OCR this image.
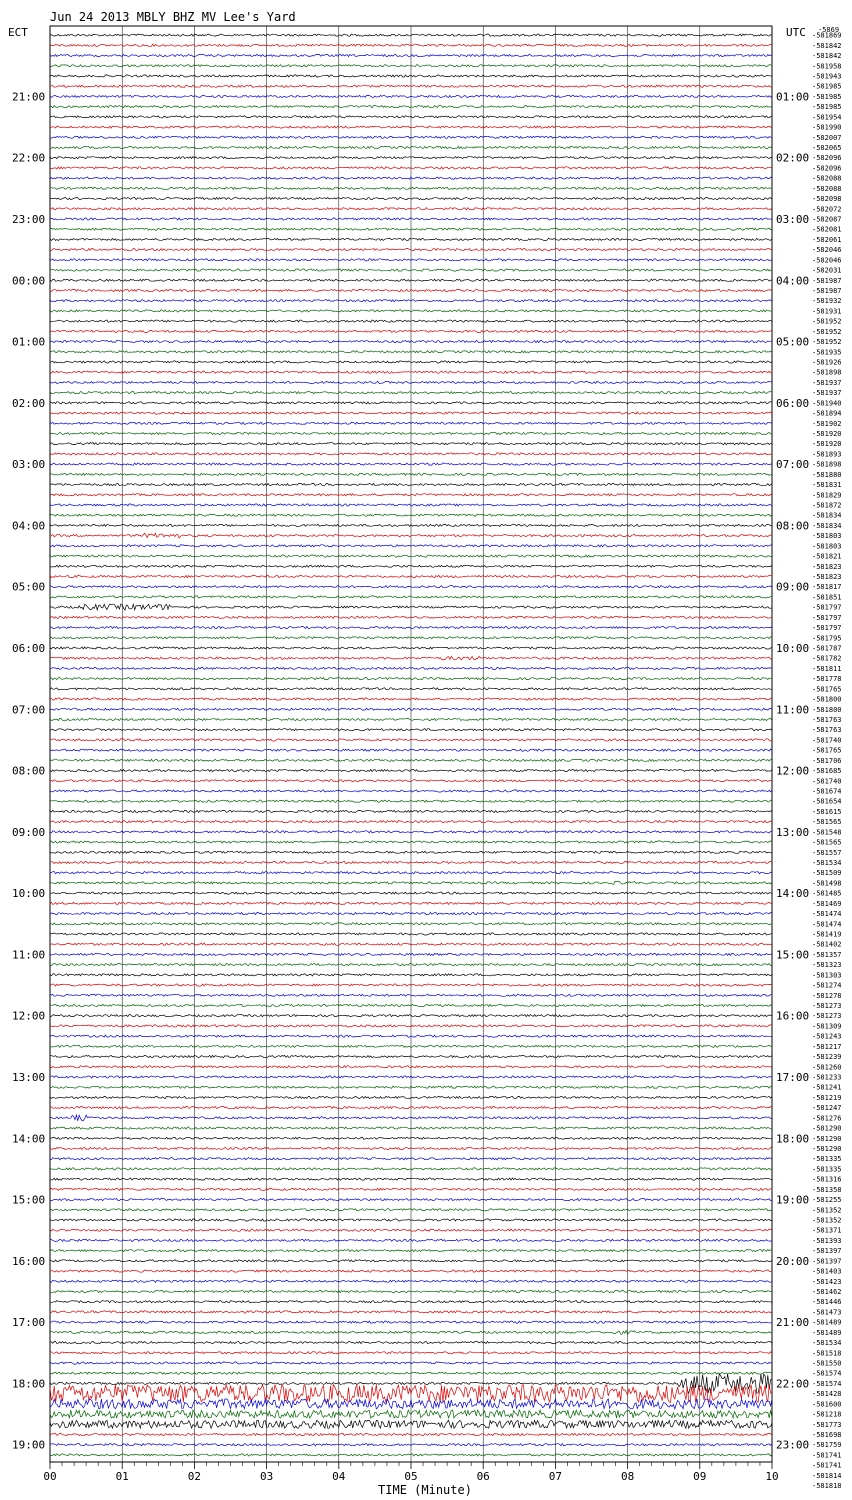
Jun 24 2013 MBLY BHZ MV Lee's Yard
ECT	UTC -5869
21:00
22:00
23:00
00:00
01:00
02:00
03:00
04:00
05:00
06:00
07:00
08:00
09:00
10:00
11:00
12:00
13:00
14:00
15:00
16:00
17:00
18:00
19:00
01:00
02:00
03:00
04:00
05:00
06:00
07:00
08:00
09:00
10:00
11:00
12:00
13:00
14:00
15:00
16:00
17:00
18:00
19:00
20:00
21:00
22:00
23:00
-581869
-581842
-581842
-581958
-581943
-581985
-581985
-581985
-581954
-581990
-582007
-582065
-582096
-582096
-582088
-582088
-582098
-582072
-582087
-582081
-582061
-582046
-582046
-582031
-581987
-581987
-581932
-581931
-581952
-581952
-581952
-581935
-581926
-581898
-581937
-581937
-581940
-581894
-581902
-581920
-581920
-581893
-581898
-581880
-581831
-581829
-581872
-581834
-581834
-581803
-581803
-581821
-581823
-581823
-581817
-581851
-581797
-581797
-581797
-581795
-581787
-581782
-581811
-581778
-581765
-581800
-581800
-581763
-581763
-581740
-581765
-581706
-581685
-581740
-581674
-581654
-581615
-581565
-581548
-581565
-581557
-581534
-581509
-581498
-581485
-581469
-581474
-581474
-581419
-581402
-581357
-581323
-581303
-581274
-581278
-581273
-581273
-581309
-581243
-581217
-581239
-581260
-581233
-581241
-581219
-581247
-581276
-581290
-581290
-581290
-581335
-581335
-581316
-581358
-581255
-581352
-581352
-581371
-581393
-581397
-581397
-581403
-581423
-581462
-581446
-581473
-581489
-581489
-581534
-581518
-581550
-581574
-581574
-581428
-581600
-581218
-581773
-581698
-581759
-581741
-581741
-581814
-581818
00	01	02	03	04	05	06	07	08	09	10
TIME (Minute)
